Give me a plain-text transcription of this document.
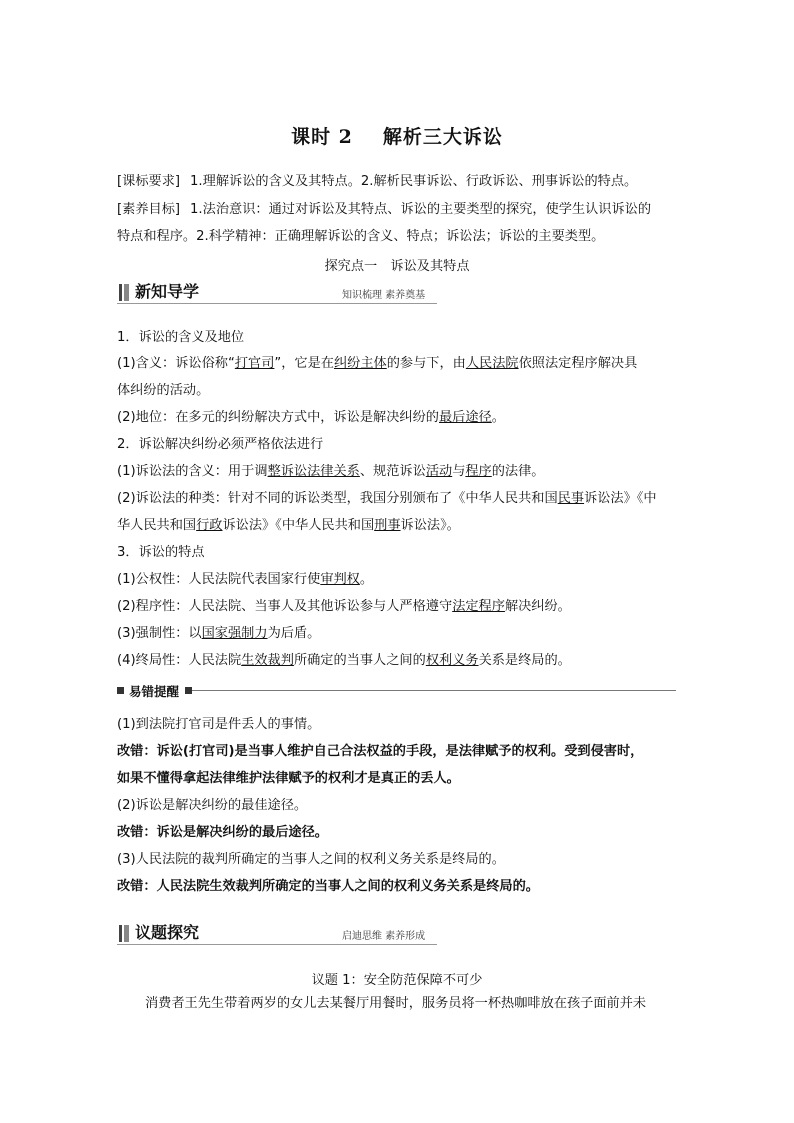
课时 2 解析三大诉讼
[课标要求] 1.理解诉讼的含义及其特点。2.解析民事诉讼、行政诉讼、刑事诉讼的特点。
[素养目标] 1.法治意识：通过对诉讼及其特点、诉讼的主要类型的探究，使学生认识诉讼的
特点和程序。2.科学精神：正确理解诉讼的含义、特点；诉讼法；诉讼的主要类型。
探究点一　诉讼及其特点
新知导学	知识梳理 素养奠基
1．诉讼的含义及地位
(1)含义：诉讼俗称“打官司”，它是在纠纷主体的参与下，由人民法院依照法定程序解决具
体纠纷的活动。
(2)地位：在多元的纠纷解决方式中，诉讼是解决纠纷的最后途径。
2．诉讼解决纠纷必须严格依法进行
(1)诉讼法的含义：用于调整诉讼法律关系、规范诉讼活动与程序的法律。
(2)诉讼法的种类：针对不同的诉讼类型，我国分别颁布了《中华人民共和国民事诉讼法》《中
华人民共和国行政诉讼法》《中华人民共和国刑事诉讼法》。
3．诉讼的特点
(1)公权性：人民法院代表国家行使审判权。
(2)程序性：人民法院、当事人及其他诉讼参与人严格遵守法定程序解决纠纷。
(3)强制性：以国家强制力为后盾。
(4)终局性：人民法院生效裁判所确定的当事人之间的权利义务关系是终局的。
易错提醒
(1)到法院打官司是件丢人的事情。
改错：诉讼(打官司)是当事人维护自己合法权益的手段，是法律赋予的权利。受到侵害时，
如果不懂得拿起法律维护法律赋予的权利才是真正的丢人。
(2)诉讼是解决纠纷的最佳途径。
改错：诉讼是解决纠纷的最后途径。
(3)人民法院的裁判所确定的当事人之间的权利义务关系是终局的。
改错：人民法院生效裁判所确定的当事人之间的权利义务关系是终局的。
议题探究	启迪思维 素养形成
议题 1：安全防范保障不可少
消费者王先生带着两岁的女儿去某餐厅用餐时，服务员将一杯热咖啡放在孩子面前并未
